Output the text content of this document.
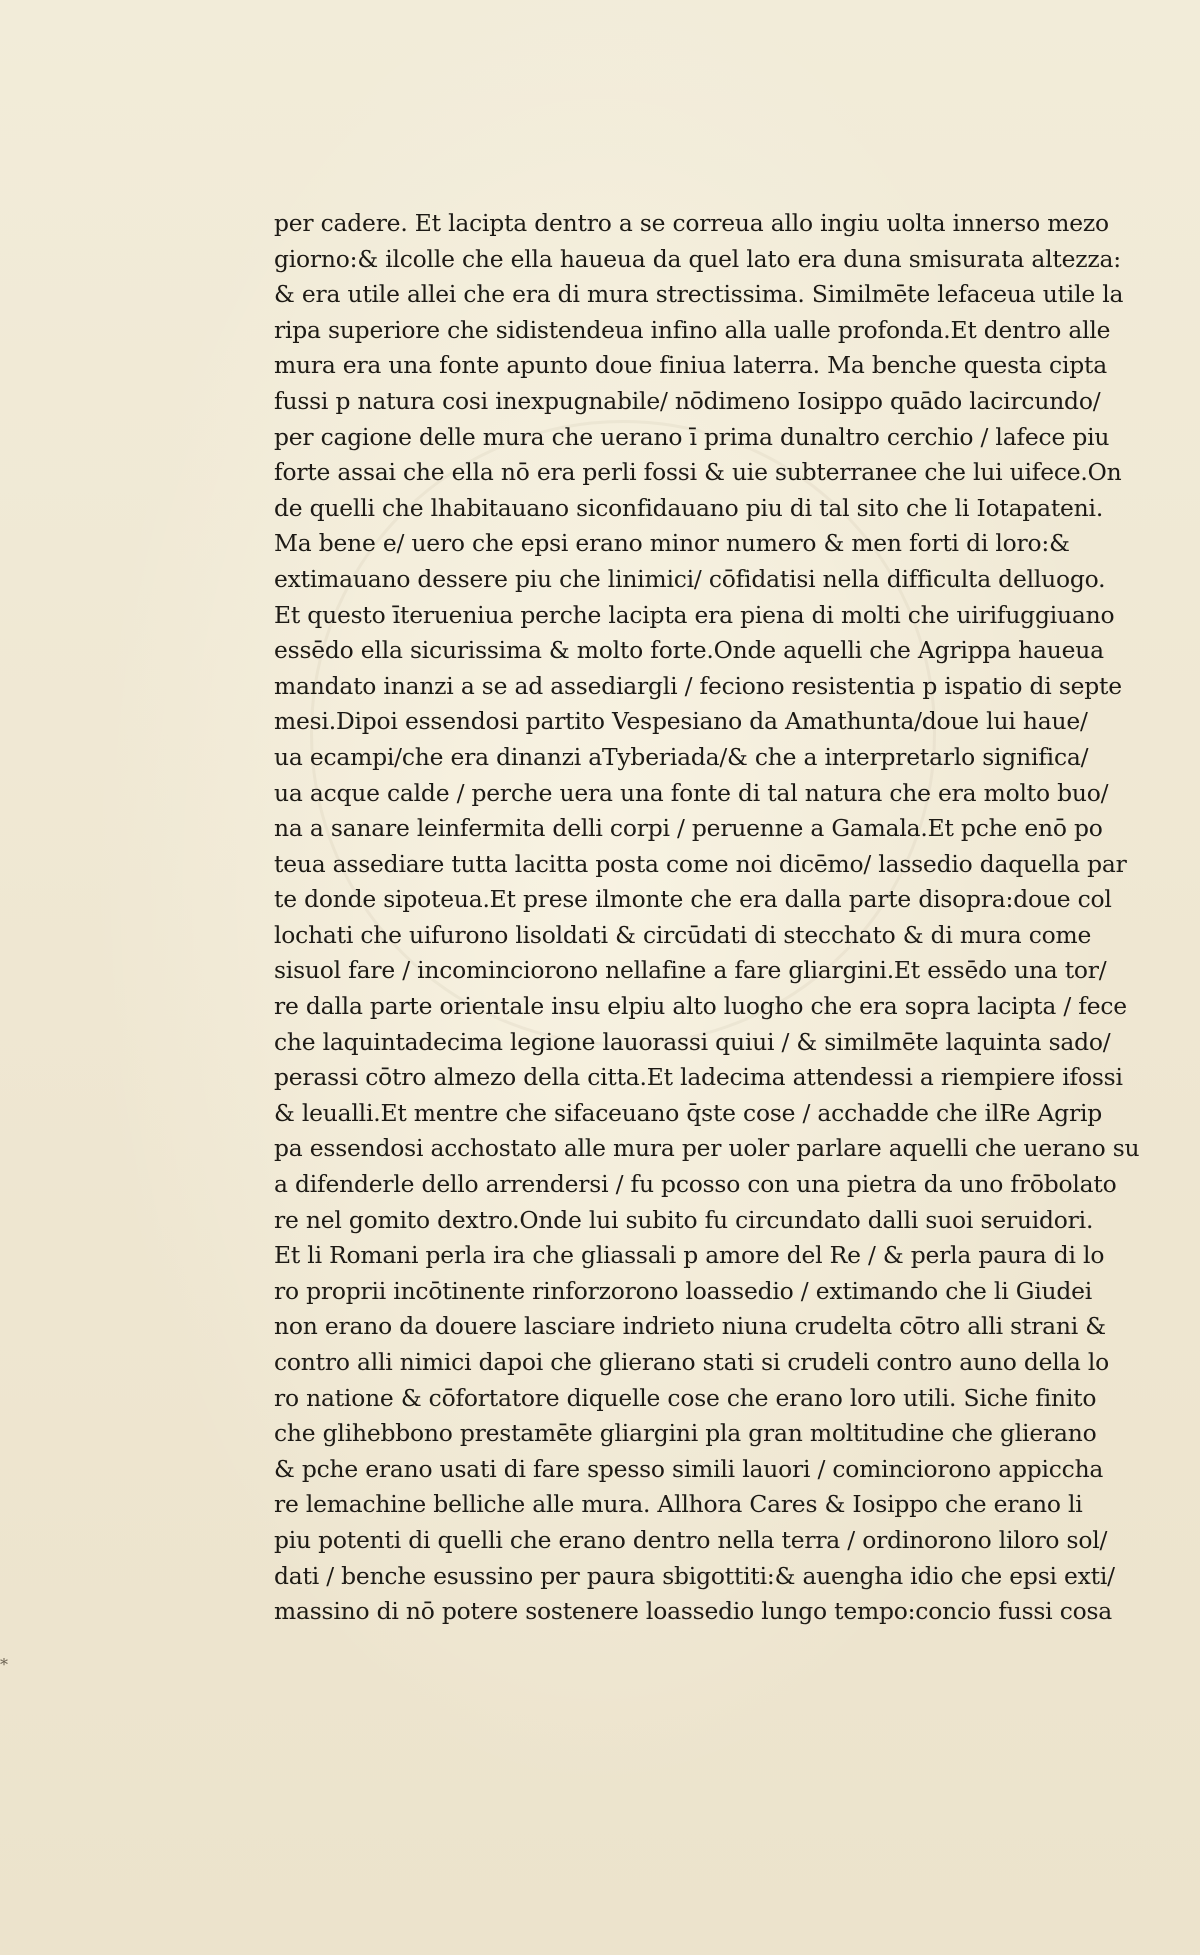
per cadere. Et lacipta dentro a se correua allo ingiu uolta innerso mezo
giorno:& ilcolle che ella haueua da quel lato era duna smisurata altezza:
& era utile allei che era di mura strectissima. Similmēte lefaceua utile la
ripa superiore che sidistendeua infino alla ualle profonda.Et dentro alle
mura era una fonte apunto doue finiua laterra. Ma benche questa cipta
fussi p natura cosi inexpugnabile/ nōdimeno Iosippo quādo lacircundo/
per cagione delle mura che uerano ī prima dunaltro cerchio / lafece piu
forte assai che ella nō era perli fossi & uie subterranee che lui uifece.On
de quelli che lhabitauano siconfidauano piu di tal sito che li Iotapateni.
Ma bene e/ uero che epsi erano minor numero & men forti di loro:&
extimauano dessere piu che linimici/ cōfidatisi nella difficulta delluogo.
Et questo īterueniua perche lacipta era piena di molti che uirifuggiuano
essēdo ella sicurissima & molto forte.Onde aquelli che Agrippa haueua
mandato inanzi a se ad assediargli / feciono resistentia p ispatio di septe
mesi.Dipoi essendosi partito Vespesiano da Amathunta/doue lui haue/
ua ecampi/che era dinanzi aTyberiada/& che a interpretarlo significa/
ua acque calde / perche uera una fonte di tal natura che era molto buo/
na a sanare leinfermita delli corpi / peruenne a Gamala.Et pche enō po
teua assediare tutta lacitta posta come noi dicēmo/ lassedio daquella par
te donde sipoteua.Et prese ilmonte che era dalla parte disopra:doue col
lochati che uifurono lisoldati & circūdati di stecchato & di mura come
sisuol fare / incominciorono nellafine a fare gliargini.Et essēdo una tor/
re dalla parte orientale insu elpiu alto luogho che era sopra lacipta / fece
che laquintadecima legione lauorassi quiui / & similmēte laquinta sado/
perassi cōtro almezo della citta.Et ladecima attendessi a riempiere ifossi
& leualli.Et mentre che sifaceuano q̄ste cose / acchadde che ilRe Agrip
pa essendosi acchostato alle mura per uoler parlare aquelli che uerano su
a difenderle dello arrendersi / fu pcosso con una pietra da uno frōbolato
re nel gomito dextro.Onde lui subito fu circundato dalli suoi seruidori.
Et li Romani perla ira che gliassali p amore del Re / & perla paura di lo
ro proprii incōtinente rinforzorono loassedio / extimando che li Giudei
non erano da douere lasciare indrieto niuna crudelta cōtro alli strani &
contro alli nimici dapoi che glierano stati si crudeli contro auno della lo
ro natione & cōfortatore diquelle cose che erano loro utili. Siche finito
che glihebbono prestamēte gliargini pla gran moltitudine che glierano
& pche erano usati di fare spesso simili lauori / cominciorono appiccha
re lemachine belliche alle mura. Allhora Cares & Iosippo che erano li
piu potenti di quelli che erano dentro nella terra / ordinorono liloro sol/
dati / benche esussino per paura sbigottiti:& auengha idio che epsi exti/
massino di nō potere sostenere loassedio lungo tempo:concio fussi cosa
*
